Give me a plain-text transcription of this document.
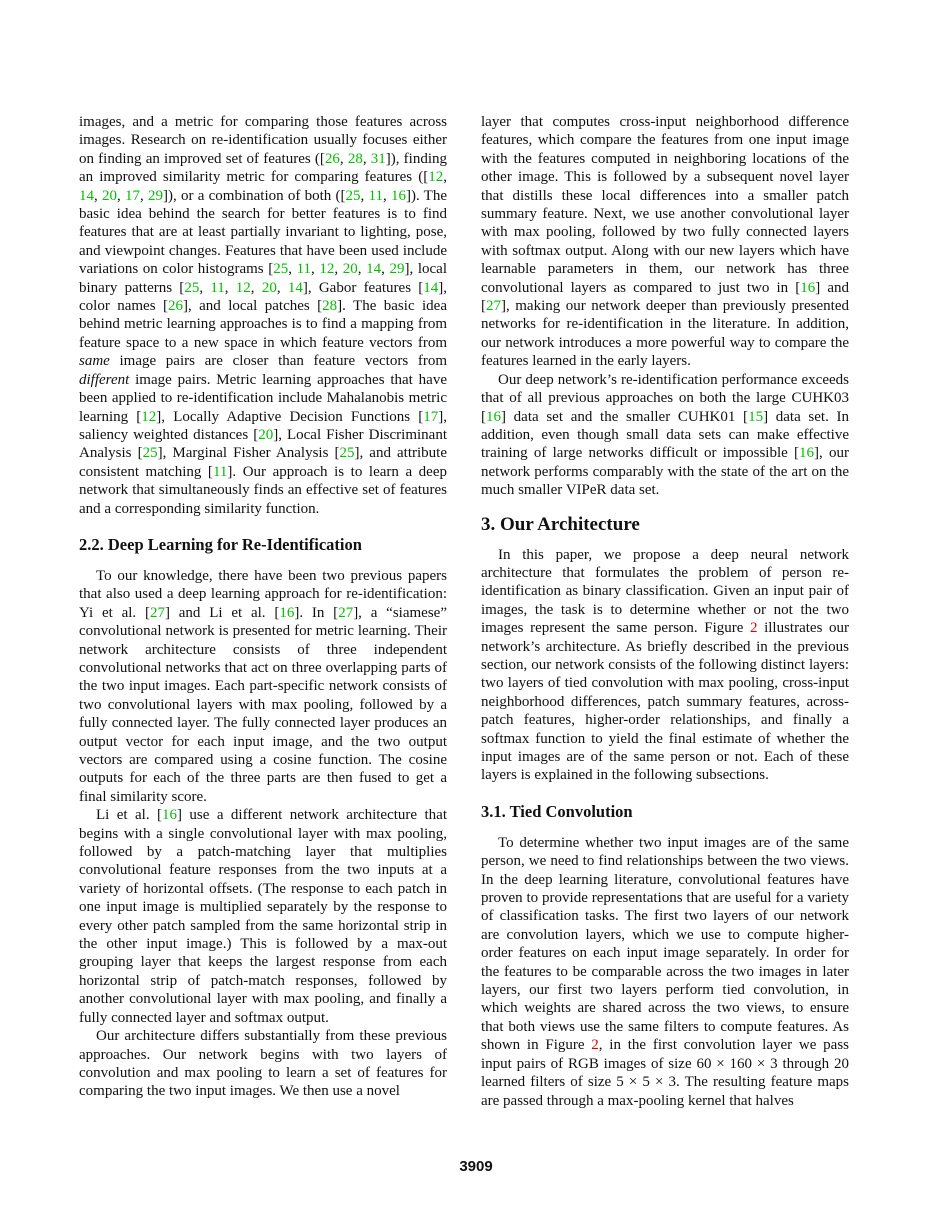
images, and a metric for comparing those features across images. Research on re-identification usually focuses either on finding an improved set of features ([26, 28, 31]), finding an improved similarity metric for comparing features ([12, 14, 20, 17, 29]), or a combination of both ([25, 11, 16]). The basic idea behind the search for better features is to find features that are at least partially invariant to lighting, pose, and viewpoint changes. Features that have been used include variations on color histograms [25, 11, 12, 20, 14, 29], local binary patterns [25, 11, 12, 20, 14], Gabor features [14], color names [26], and local patches [28]. The basic idea behind metric learning approaches is to find a mapping from feature space to a new space in which feature vectors from same image pairs are closer than feature vectors from different image pairs. Metric learning approaches that have been applied to re-identification include Mahalanobis metric learning [12], Locally Adaptive Decision Functions [17], saliency weighted distances [20], Local Fisher Discriminant Analysis [25], Marginal Fisher Analysis [25], and attribute consistent matching [11]. Our approach is to learn a deep network that simultaneously finds an effective set of features and a corresponding similarity function.

2.2. Deep Learning for Re-Identification

To our knowledge, there have been two previous papers that also used a deep learning approach for re-identification: Yi et al. [27] and Li et al. [16]. In [27], a “siamese” convolutional network is presented for metric learning. Their network architecture consists of three independent convolutional networks that act on three overlapping parts of the two input images. Each part-specific network consists of two convolutional layers with max pooling, followed by a fully connected layer. The fully connected layer produces an output vector for each input image, and the two output vectors are compared using a cosine function. The cosine outputs for each of the three parts are then fused to get a final similarity score.

Li et al. [16] use a different network architecture that begins with a single convolutional layer with max pooling, followed by a patch-matching layer that multiplies convolutional feature responses from the two inputs at a variety of horizontal offsets. (The response to each patch in one input image is multiplied separately by the response to every other patch sampled from the same horizontal strip in the other input image.) This is followed by a max-out grouping layer that keeps the largest response from each horizontal strip of patch-match responses, followed by another convolutional layer with max pooling, and finally a fully connected layer and softmax output.

Our architecture differs substantially from these previous approaches. Our network begins with two layers of convolution and max pooling to learn a set of features for comparing the two input images. We then use a novel

layer that computes cross-input neighborhood difference features, which compare the features from one input image with the features computed in neighboring locations of the other image. This is followed by a subsequent novel layer that distills these local differences into a smaller patch summary feature. Next, we use another convolutional layer with max pooling, followed by two fully connected layers with softmax output. Along with our new layers which have learnable parameters in them, our network has three convolutional layers as compared to just two in [16] and [27], making our network deeper than previously presented networks for re-identification in the literature. In addition, our network introduces a more powerful way to compare the features learned in the early layers.

Our deep network’s re-identification performance exceeds that of all previous approaches on both the large CUHK03 [16] data set and the smaller CUHK01 [15] data set. In addition, even though small data sets can make effective training of large networks difficult or impossible [16], our network performs comparably with the state of the art on the much smaller VIPeR data set.

3. Our Architecture

In this paper, we propose a deep neural network architecture that formulates the problem of person re-identification as binary classification. Given an input pair of images, the task is to determine whether or not the two images represent the same person. Figure 2 illustrates our network’s architecture. As briefly described in the previous section, our network consists of the following distinct layers: two layers of tied convolution with max pooling, cross-input neighborhood differences, patch summary features, across-patch features, higher-order relationships, and finally a softmax function to yield the final estimate of whether the input images are of the same person or not. Each of these layers is explained in the following subsections.

3.1. Tied Convolution

To determine whether two input images are of the same person, we need to find relationships between the two views. In the deep learning literature, convolutional features have proven to provide representations that are useful for a variety of classification tasks. The first two layers of our network are convolution layers, which we use to compute higher-order features on each input image separately. In order for the features to be comparable across the two images in later layers, our first two layers perform tied convolution, in which weights are shared across the two views, to ensure that both views use the same filters to compute features. As shown in Figure 2, in the first convolution layer we pass input pairs of RGB images of size 60 × 160 × 3 through 20 learned filters of size 5 × 5 × 3. The resulting feature maps are passed through a max-pooling kernel that halves

3909
